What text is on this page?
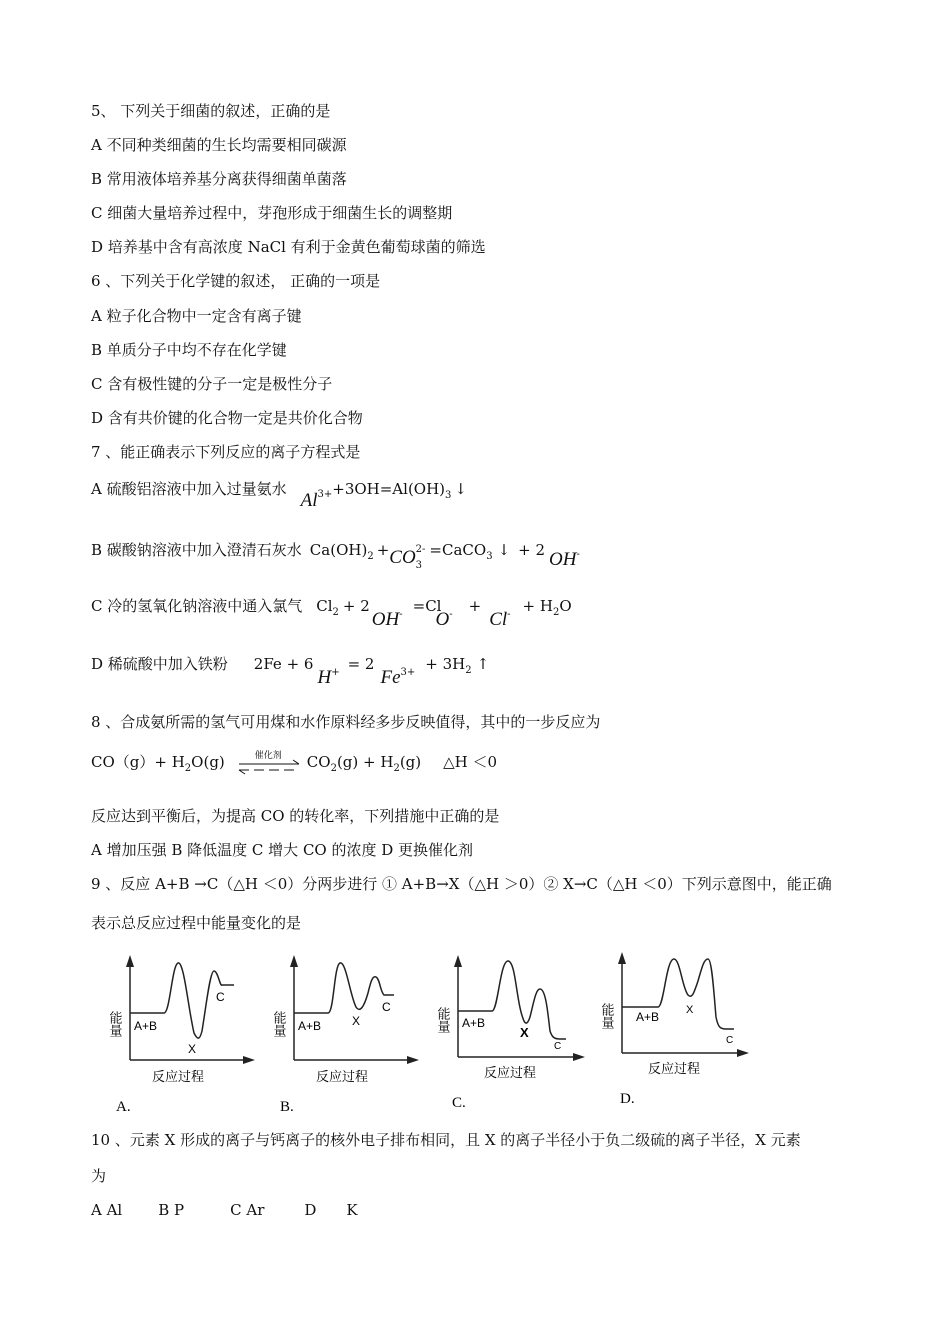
5、 下列关于细菌的叙述，正确的是
A 不同种类细菌的生长均需要相同碳源
B 常用液体培养基分离获得细菌单菌落
C 细菌大量培养过程中，芽孢形成于细菌生长的调整期
D 培养基中含有高浓度 NaCl 有利于金黄色葡萄球菌的筛选
6 、下列关于化学键的叙述， 正确的一项是
A 粒子化合物中一定含有离子键
B 单质分子中均不存在化学键
C 含有极性键的分子一定是极性分子
D 含有共价键的化合物一定是共价化合物
7 、能正确表示下列反应的离子方程式是
A 硫酸铝溶液中加入过量氨水$Al_{3+}+3OH=Al(OH)_3$ ↓
B 碳酸钠溶液中加入澄清石灰水 $Ca(OH)_2 +CO$ 2-
3
=CaCO$_3$ ↓ + 2 OH-
C 冷的氢氧化钠溶液中通入氯气 $Cl_2 + 2OH_- =ClO_- +Cl_- + H_2O$
D 稀硫酸中加入铁粉 $2Fe + 6H_+ = 2Fe_{3+} + 3H_2$ ↑
8 、合成氨所需的氢气可用煤和水作原料经多步反映值得，其中的一步反应为
$CO(g)+ H_2O(g)$	催化剂 $CO_2(g) + H_2(g)$ △H ＜0
反应达到平衡后，为提高 CO 的转化率，下列措施中正确的是
A 增加压强 B 降低温度 C 增大 CO 的浓度 D 更换催化剂
9 、反应 A+B →C（△H ＜0）分两步进行 ① A+B→X（△H ＞0）② X→C（△H ＜0）下列示意图中，能正确
表示总反应过程中能量变化的是
能量 A+B
X
C
反应过程
A.
能量 A+B	X
C
反应过程
B.
能量 A+B
X
C
反应过程
C.
能量 A+B X
C
反应过程
D.
10 、元素 X 形成的离子与钙离子的核外电子排布相同，且 X 的离子半径小于负二级硫的离子半径，X 元素
为
A Al B P	C Ar	D K
